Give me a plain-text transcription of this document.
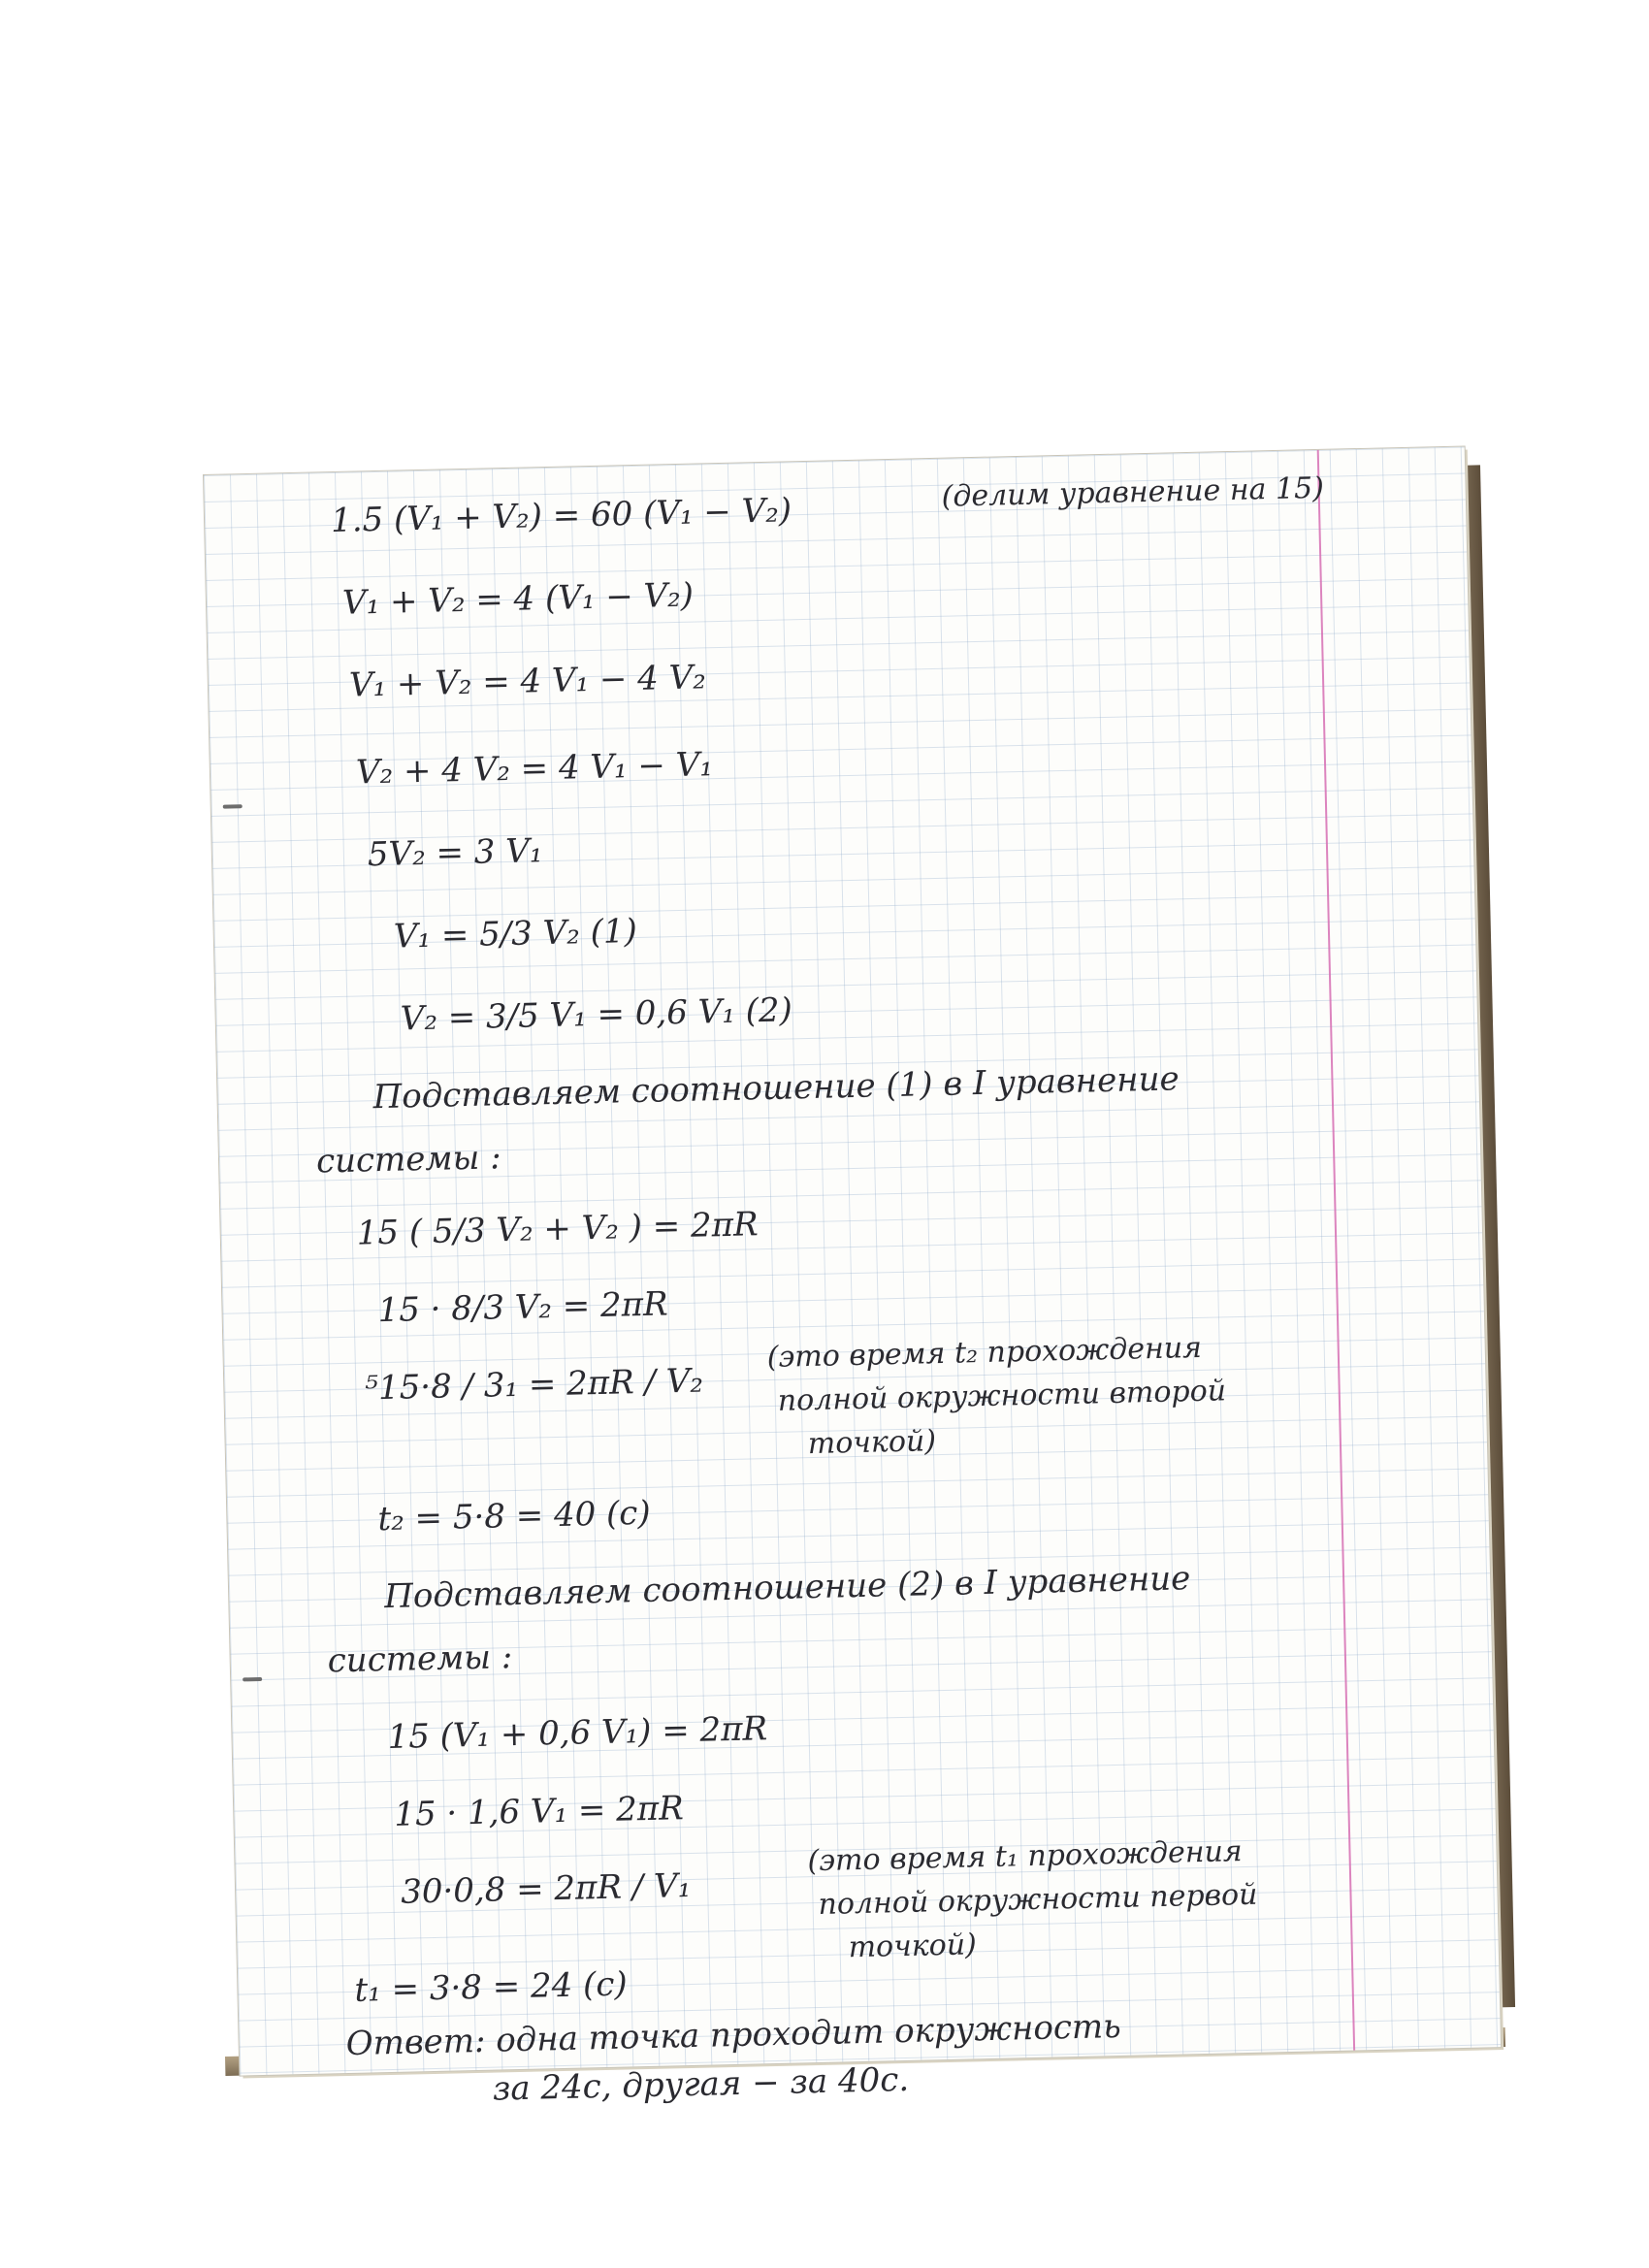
1.5 (V₁ + V₂) = 60 (V₁ − V₂)	(делим уравнение на 15)

V₁ + V₂ = 4 (V₁ − V₂)

V₁ + V₂ = 4 V₁ − 4 V₂

V₂ + 4 V₂ = 4 V₁ − V₁

5V₂ = 3 V₁

V₁ = 5/3 V₂ (1)

V₂ = 3/5 V₁ = 0,6 V₁ (2)

Подставляем соотношение (1) в I уравнение

системы :

15 ( 5/3 V₂ + V₂ ) = 2πR

15 · 8/3 V₂ = 2πR

⁵15·8 / 3₁ = 2πR / V₂

(это время t₂ прохождения

полной окружности второй

точкой)

t₂ = 5·8 = 40 (c)

Подставляем соотношение (2) в I уравнение

системы :

15 (V₁ + 0,6 V₁) = 2πR

15 · 1,6 V₁ = 2πR

30·0,8 = 2πR / V₁

(это время t₁ прохождения

полной окружности первой

точкой)

t₁ = 3·8 = 24 (c)

Ответ: одна точка проходит окружность

за 24с, другая − за 40с.
